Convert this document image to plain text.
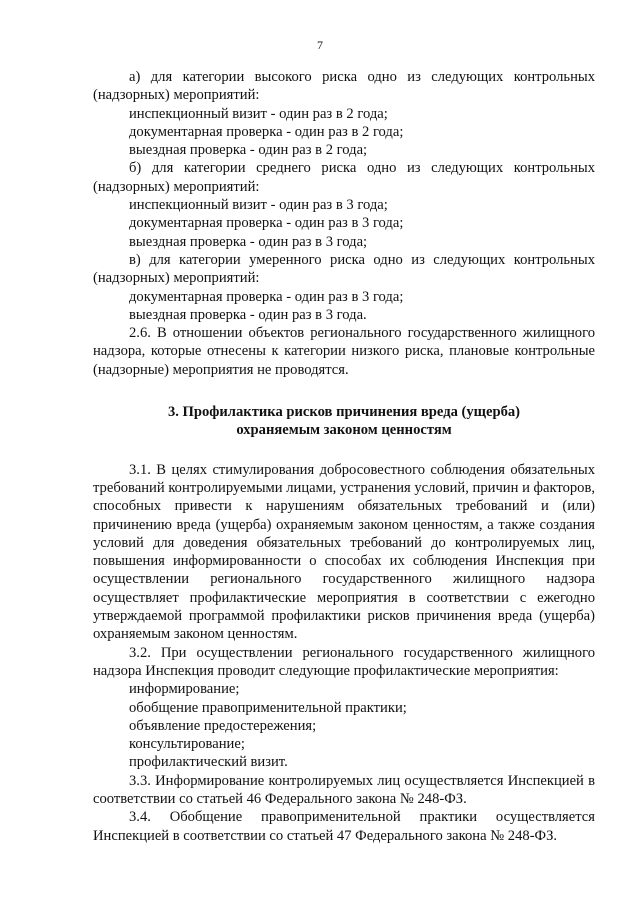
7

а) для категории высокого риска одно из следующих контрольных (надзорных) мероприятий:

инспекционный визит - один раз в 2 года;

документарная проверка - один раз в 2 года;

выездная проверка - один раз в 2 года;

б) для категории среднего риска одно из следующих контрольных (надзорных) мероприятий:

инспекционный визит - один раз в 3 года;

документарная проверка - один раз в 3 года;

выездная проверка - один раз в 3 года;

в) для категории умеренного риска одно из следующих контрольных (надзорных) мероприятий:

документарная проверка - один раз в 3 года;

выездная проверка - один раз в 3 года.

2.6. В отношении объектов регионального государственного жилищного надзора, которые отнесены к категории низкого риска, плановые контрольные (надзорные) мероприятия не проводятся.

3. Профилактика рисков причинения вреда (ущерба)
охраняемым законом ценностям

3.1. В целях стимулирования добросовестного соблюдения обязательных требований контролируемыми лицами, устранения условий, причин и факторов, способных привести к нарушениям обязательных требований и (или) причинению вреда (ущерба) охраняемым законом ценностям, а также создания условий для доведения обязательных требований до контролируемых лиц, повышения информированности о способах их соблюдения Инспекция при осуществлении регионального государственного жилищного надзора осуществляет профилактические мероприятия в соответствии с ежегодно утверждаемой программой профилактики рисков причинения вреда (ущерба) охраняемым законом ценностям.

3.2. При осуществлении регионального государственного жилищного надзора Инспекция проводит следующие профилактические мероприятия:

информирование;

обобщение правоприменительной практики;

объявление предостережения;

консультирование;

профилактический визит.

3.3. Информирование контролируемых лиц осуществляется Инспекцией в соответствии со статьей 46 Федерального закона № 248-ФЗ.

3.4. Обобщение правоприменительной практики осуществляется Инспекцией в соответствии со статьей 47 Федерального закона № 248-ФЗ.
